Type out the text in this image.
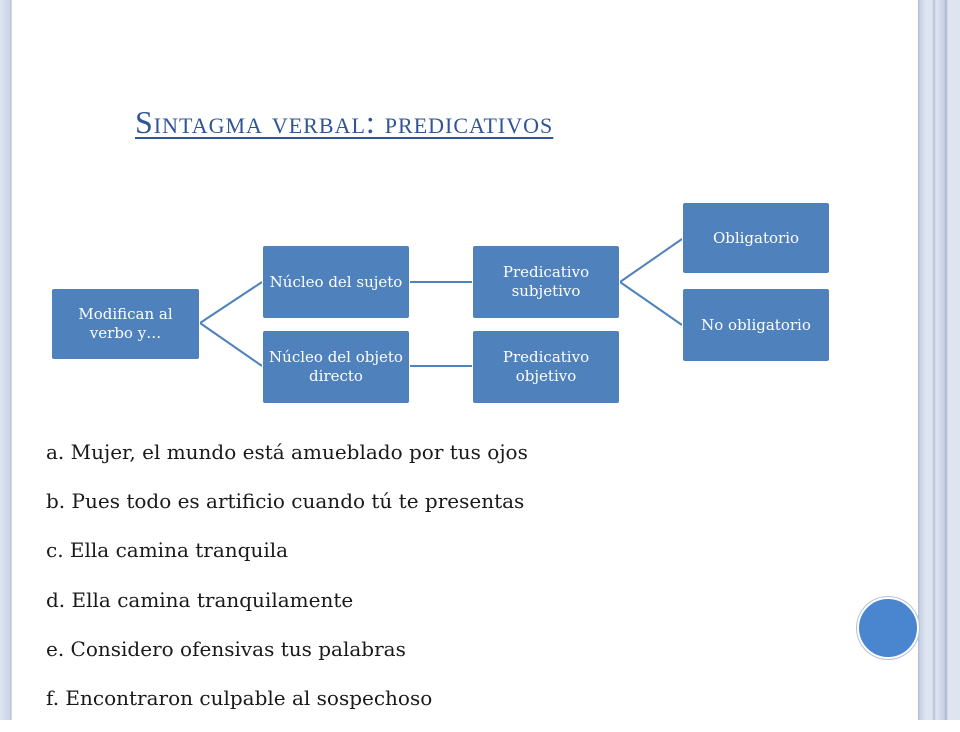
Sintagma verbal: predicativos
Modifican al verbo y…
Núcleo del sujeto
Núcleo del objeto directo
Predicativo subjetivo
Predicativo objetivo
Obligatorio
No obligatorio
a. Mujer, el mundo está amueblado por tus ojos
b. Pues todo es artificio cuando tú te presentas
c. Ella camina tranquila
d. Ella camina tranquilamente
e. Considero ofensivas tus palabras
f. Encontraron culpable al sospechoso
